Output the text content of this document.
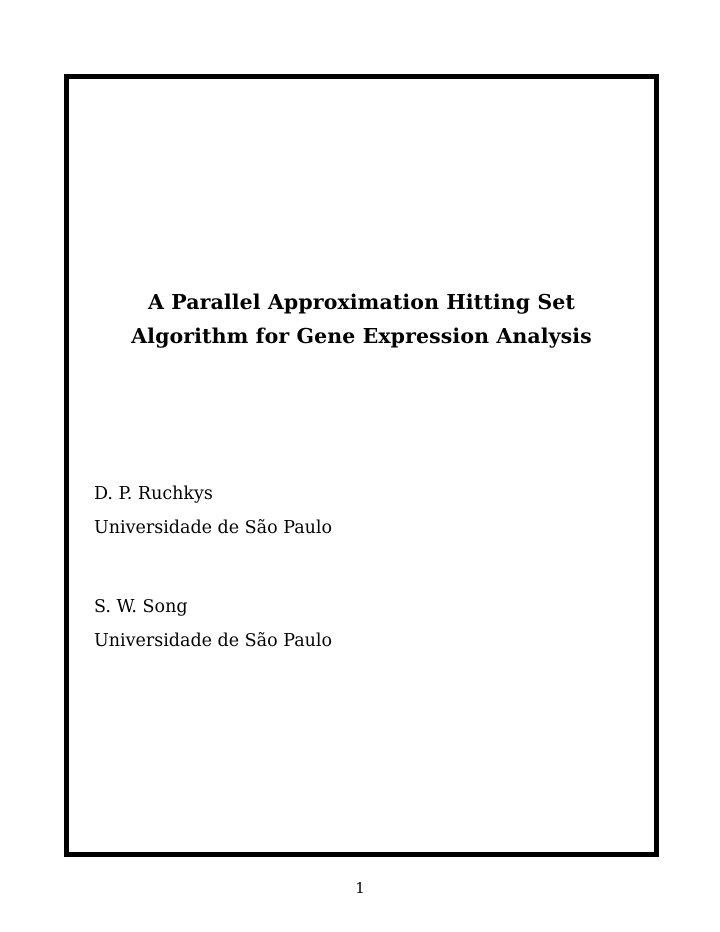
A Parallel Approximation Hitting Set
Algorithm for Gene Expression Analysis
D. P. Ruchkys
Universidade de São Paulo
S. W. Song
Universidade de São Paulo
1
